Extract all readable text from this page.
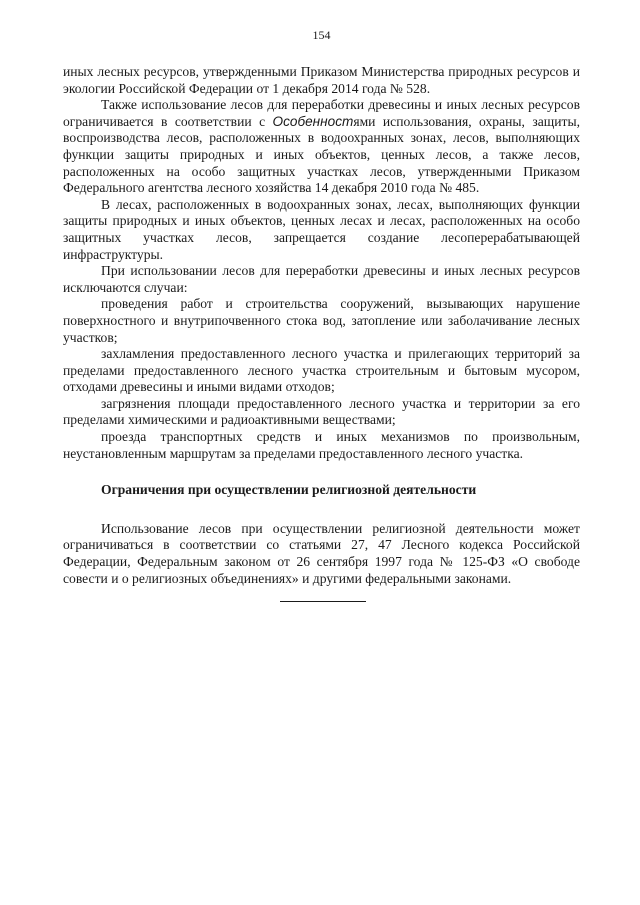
154

иных лесных ресурсов, утвержденными Приказом Министерства природных ресурсов и экологии Российской Федерации от 1 декабря 2014 года № 528.

Также использование лесов для переработки древесины и иных лесных ресурсов ограничивается в соответствии с Особенностями использования, охраны, защиты, воспроизводства лесов, расположенных в водоохранных зонах, лесов, выполняющих функции защиты природных и иных объектов, ценных лесов, а также лесов, расположенных на особо защитных участках лесов, утвержденными Приказом Федерального агентства лесного хозяйства 14 декабря 2010 года № 485.

В лесах, расположенных в водоохранных зонах, лесах, выполняющих функции защиты природных и иных объектов, ценных лесах и лесах, расположенных на особо защитных участках лесов, запрещается создание лесоперерабатывающей инфраструктуры.

При использовании лесов для переработки древесины и иных лесных ресурсов исключаются случаи:

проведения работ и строительства сооружений, вызывающих нарушение поверхностного и внутрипочвенного стока вод, затопление или заболачивание лесных участков;

захламления предоставленного лесного участка и прилегающих территорий за пределами предоставленного лесного участка строительным и бытовым мусором, отходами древесины и иными видами отходов;

загрязнения площади предоставленного лесного участка и территории за его пределами химическими и радиоактивными веществами;

проезда транспортных средств и иных механизмов по произвольным, неустановленным маршрутам за пределами предоставленного лесного участка.

Ограничения при осуществлении религиозной деятельности

Использование лесов при осуществлении религиозной деятельности может ограничиваться в соответствии со статьями 27, 47 Лесного кодекса Российской Федерации, Федеральным законом от 26 сентября 1997 года № 125-ФЗ «О свободе совести и о религиозных объединениях» и другими федеральными законами.
